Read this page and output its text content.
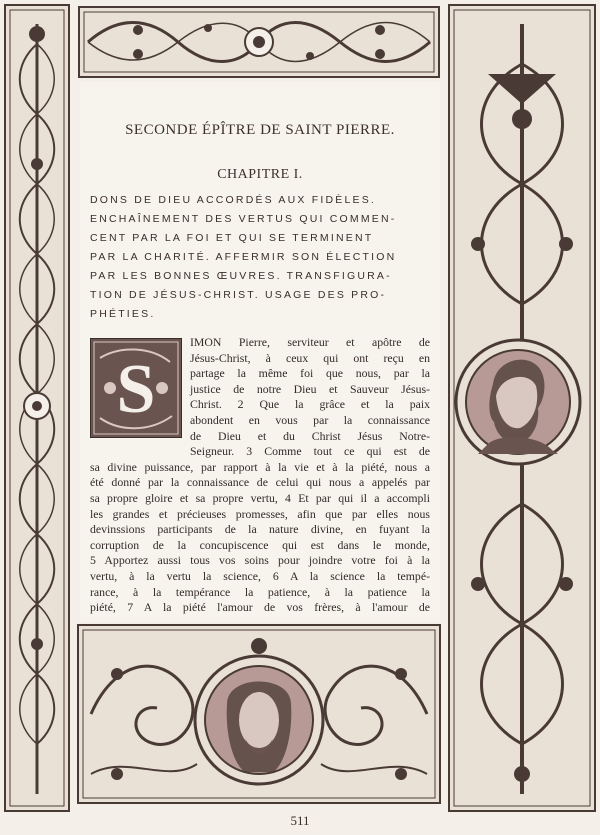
SECONDE ÉPÎTRE DE SAINT PIERRE.
CHAPITRE I.
DONS DE DIEU ACCORDÉS AUX FIDÈLES.
ENCHAÎNEMENT DES VERTUS QUI COMMEN-
CENT PAR LA FOI ET QUI SE TERMINENT
PAR LA CHARITÉ. AFFERMIR SON ÉLECTION
PAR LES BONNES ŒUVRES. TRANSFIGURA-
TION DE JÉSUS-CHRIST. USAGE DES PRO-
PHÉTIES.
S
IMON Pierre, serviteur et apôtre de
Jésus-Christ, à ceux qui ont reçu en
partage la même foi que nous, par la
justice de notre Dieu et Sauveur Jésus-
Christ. 2 Que la grâce et la paix
abondent en vous par la connaissance
de Dieu et du Christ Jésus Notre-
Seigneur. 3 Comme tout ce qui est de
sa divine puissance, par rapport à la vie et à la piété, nous a
été donné par la connaissance de celui qui nous a appelés par
sa propre gloire et sa propre vertu, 4 Et par qui il a accompli
les grandes et précieuses promesses, afin que par elles nous
devinssions participants de la nature divine, en fuyant la
corruption de la concupiscence qui est dans le monde,
5 Apportez aussi tous vos soins pour joindre votre foi à la
vertu, à la vertu la science, 6 A la science la tempé-
rance, à la tempérance la patience, à la patience la
piété, 7 A la piété l'amour de vos frères, à l'amour de
511
